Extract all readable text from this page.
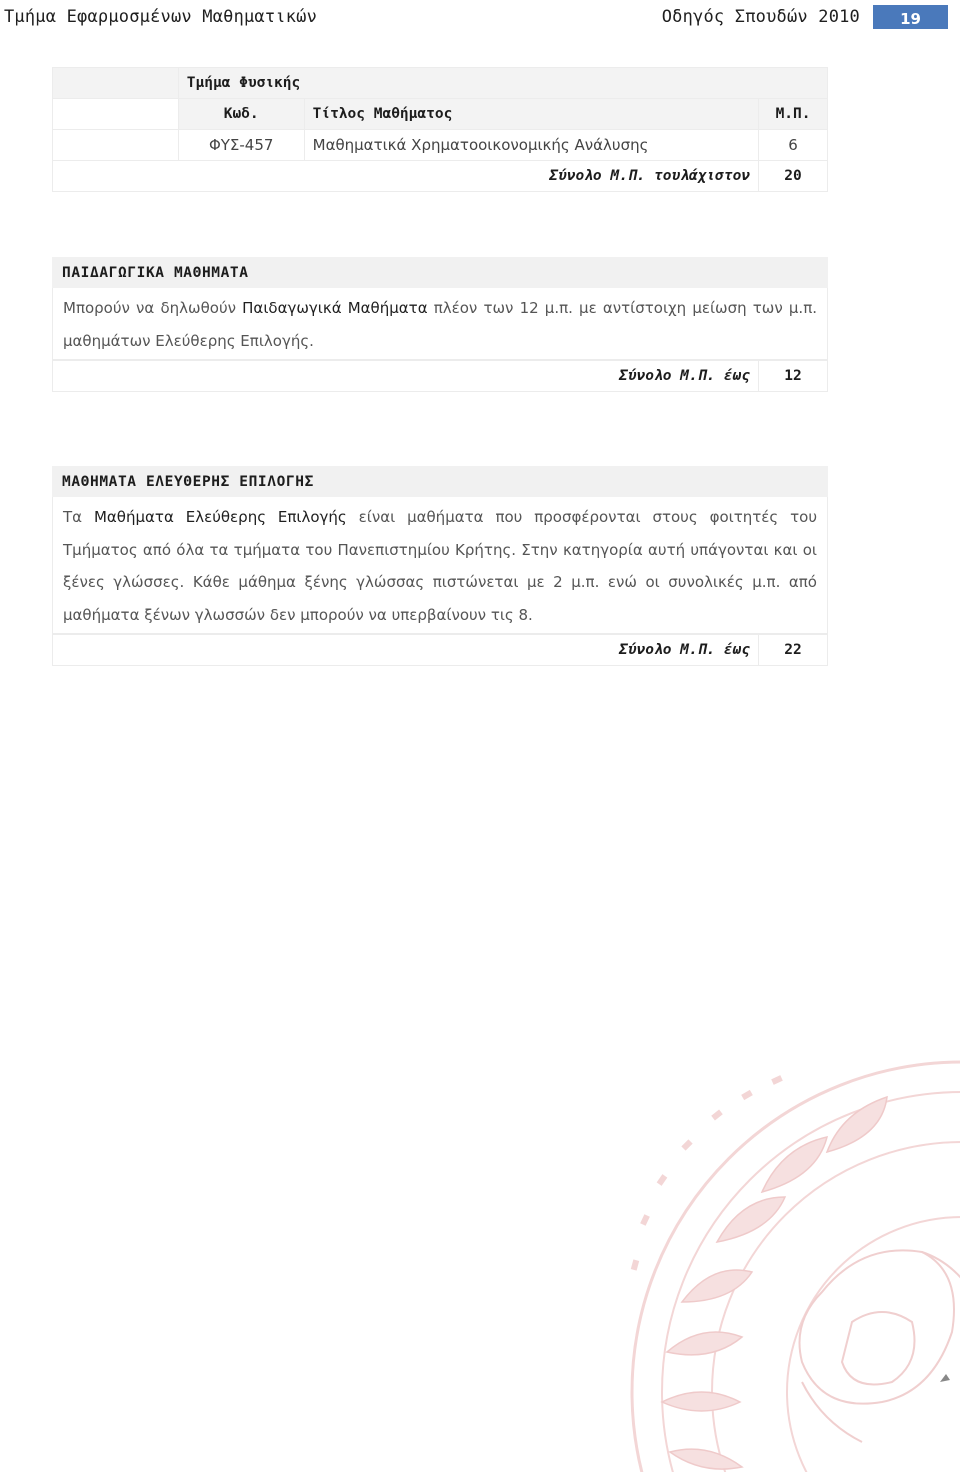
Τμήμα Εφαρμοσμένων Μαθηματικών	Οδηγός Σπουδών 2010	19
	Τμήμα Φυσικής		
	Κωδ.	Τίτλος Μαθήματος	Μ.Π.
	ΦΥΣ-457	Μαθηματικά Χρηματοοικονομικής Ανάλυσης	6
Σύνολο Μ.Π. τουλάχιστον			20
ΠΑΙΔΑΓΩΓΙΚΑ ΜΑΘΗΜΑΤΑ
Μπορούν να δηλωθούν Παιδαγωγικά Μαθήματα πλέον των 12 μ.π. με αντίστοιχη μείωση των μ.π. μαθημάτων Ελεύθερης Επιλογής.
Σύνολο Μ.Π. έως	12
ΜΑΘΗΜΑΤΑ ΕΛΕΥΘΕΡΗΣ ΕΠΙΛΟΓΗΣ
Τα Μαθήματα Ελεύθερης Επιλογής είναι μαθήματα που προσφέρονται στους φοιτητές του Τμήματος από όλα τα τμήματα του Πανεπιστημίου Κρήτης. Στην κατηγορία αυτή υπάγονται και οι ξένες γλώσσες. Κάθε μάθημα ξένης γλώσσας πιστώνεται με 2 μ.π. ενώ οι συνολικές μ.π. από μαθήματα ξένων γλωσσών δεν μπορούν να υπερβαίνουν τις 8.
Σύνολο Μ.Π. έως	22
